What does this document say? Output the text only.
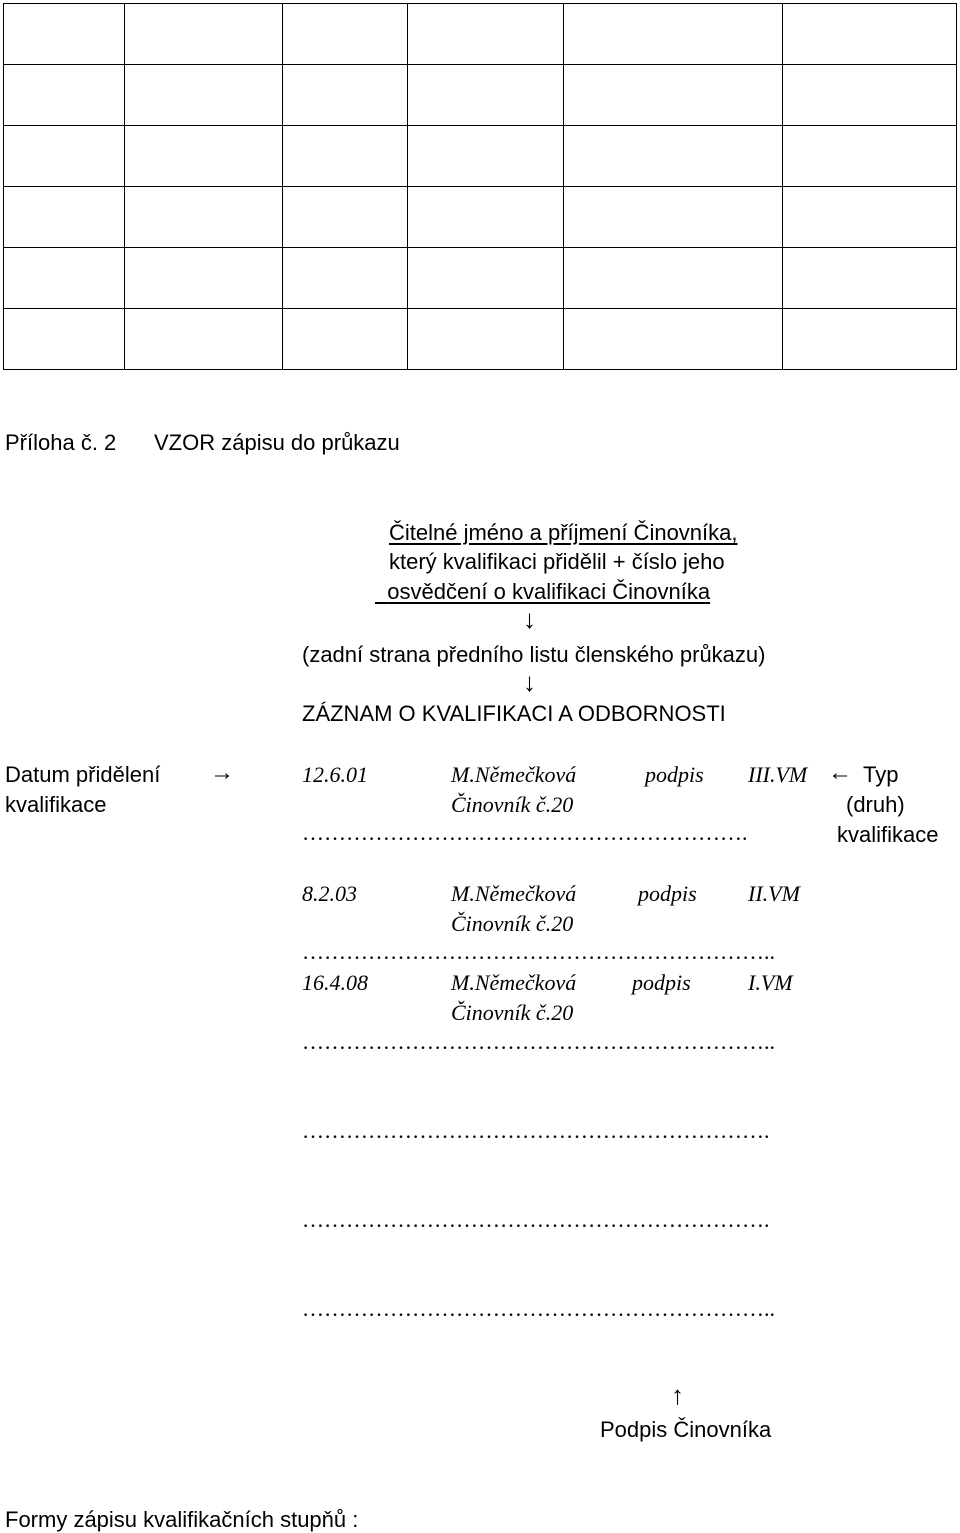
Příloha č. 2 VZOR zápisu do průkazu
Čitelné jméno a příjmení Činovníka,
který kvalifikaci přidělil + číslo jeho
osvědčení o kvalifikaci Činovníka
↓
(zadní strana předního listu členského průkazu)
↓
ZÁZNAM O KVALIFIKACI A ODBORNOSTI
Datum přidělení
kvalifikace
→	← Typ
(druh)
kvalifikace
12.6.01	M.Němečková	podpis III.VM
Činovník č.20
…………………………………………………….
8.2.03	M.Němečková	podpis II.VM
Činovník č.20
………………………………………………………..
16.4.08	M.Němečková	podpis	I.VM
Činovník č.20
………………………………………………………..
……………………………………………………….
……………………………………………………….
………………………………………………………..
↑
Podpis Činovníka
Formy zápisu kvalifikačních stupňů :
